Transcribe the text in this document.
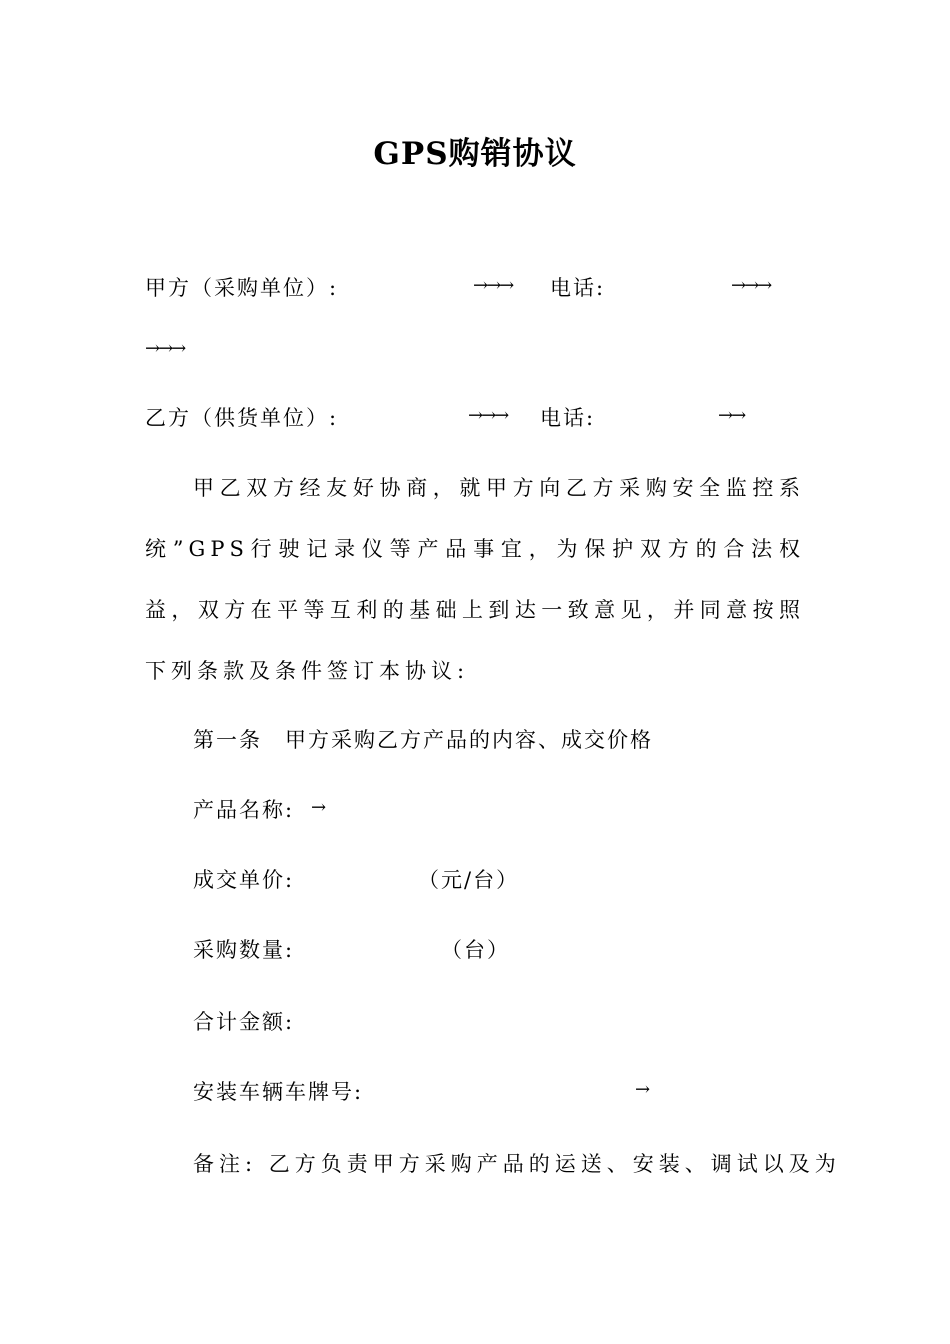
GPS购销协议
甲方（采购单位）:	→→→ 电话:	→→→
→→→
乙方（供货单位）:	→→→ 电话:	→→
甲乙双方经友好协商，就甲方向乙方采购安全监控系统”GPS行驶记录仪等产品事宜，为保护双方的合法权益，双方在平等互利的基础上到达一致意见，并同意按照下列条款及条件签订本协议:
第一条　甲方采购乙方产品的内容、成交价格
产品名称: →
成交单价:	（元/台）
采购数量:	（台）
合计金额:
安装车辆车牌号:	→
备注: 乙方负责甲方采购产品的运送、安装、调试以及为
